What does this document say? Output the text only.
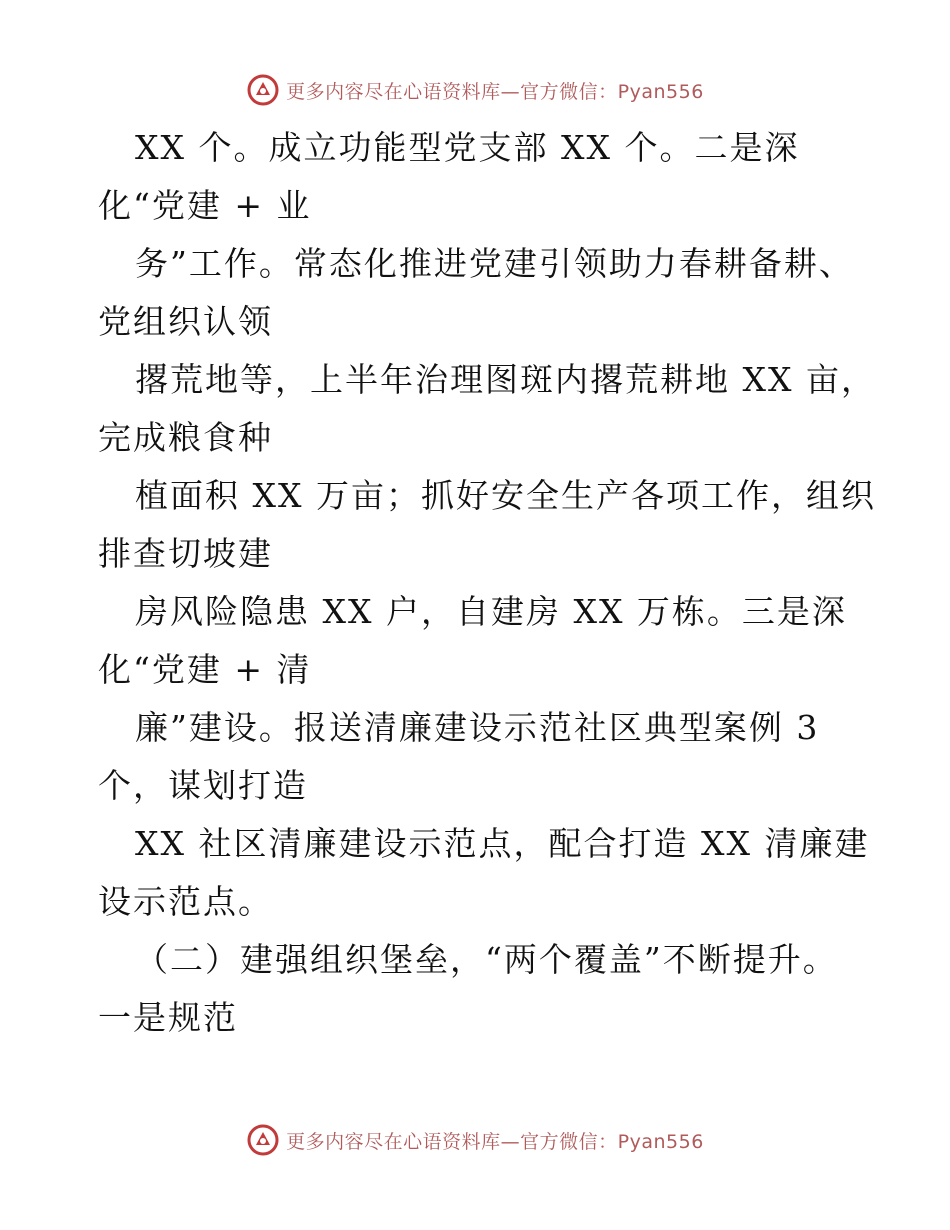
更多内容尽在心语资料库—官方微信：Pyan556
XX 个。成立功能型党支部 XX 个。二是深
化“党建 + 业
务”工作。常态化推进党建引领助力春耕备耕、
党组织认领
撂荒地等，上半年治理图斑内撂荒耕地 XX 亩，
完成粮食种
植面积 XX 万亩；抓好安全生产各项工作，组织
排查切坡建
房风险隐患 XX 户，自建房 XX 万栋。三是深
化“党建 + 清
廉”建设。报送清廉建设示范社区典型案例 3
个，谋划打造
XX 社区清廉建设示范点，配合打造 XX 清廉建
设示范点。
（二）建强组织堡垒，“两个覆盖”不断提升。
一是规范
更多内容尽在心语资料库—官方微信：Pyan556
